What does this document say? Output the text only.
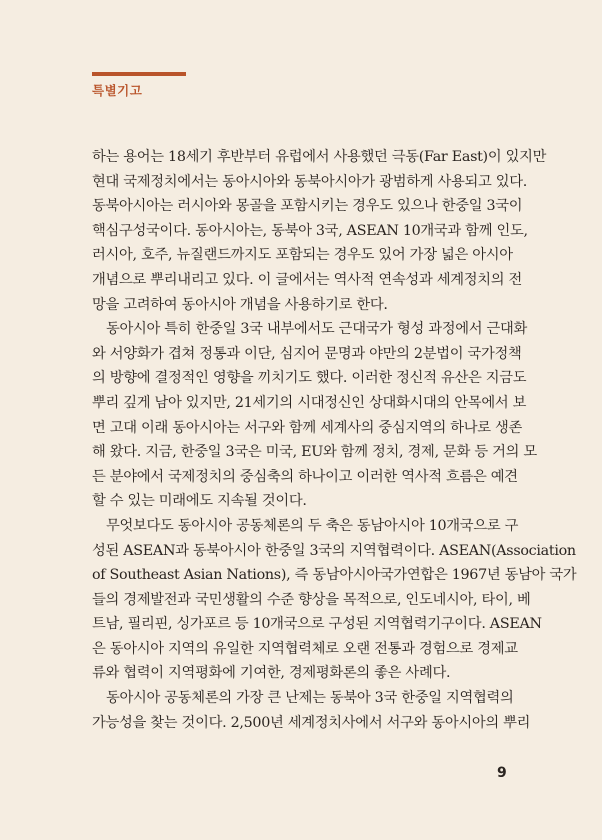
특별기고
하는 용어는 18세기 후반부터 유럽에서 사용했던 극동(Far East)이 있지만
현대 국제정치에서는 동아시아와 동북아시아가 광범하게 사용되고 있다.
동북아시아는 러시아와 몽골을 포함시키는 경우도 있으나 한중일 3국이
핵심구성국이다. 동아시아는, 동북아 3국, ASEAN 10개국과 함께 인도,
러시아, 호주, 뉴질랜드까지도 포함되는 경우도 있어 가장 넓은 아시아
개념으로 뿌리내리고 있다. 이 글에서는 역사적 연속성과 세계정치의 전
망을 고려하여 동아시아 개념을 사용하기로 한다.
동아시아 특히 한중일 3국 내부에서도 근대국가 형성 과정에서 근대화
와 서양화가 겹쳐 정통과 이단, 심지어 문명과 야만의 2분법이 국가정책
의 방향에 결정적인 영향을 끼치기도 했다. 이러한 정신적 유산은 지금도
뿌리 깊게 남아 있지만, 21세기의 시대정신인 상대화시대의 안목에서 보
면 고대 이래 동아시아는 서구와 함께 세계사의 중심지역의 하나로 생존
해 왔다. 지금, 한중일 3국은 미국, EU와 함께 정치, 경제, 문화 등 거의 모
든 분야에서 국제정치의 중심축의 하나이고 이러한 역사적 흐름은 예견
할 수 있는 미래에도 지속될 것이다.
무엇보다도 동아시아 공동체론의 두 축은 동남아시아 10개국으로 구
성된 ASEAN과 동북아시아 한중일 3국의 지역협력이다. ASEAN(Association
of Southeast Asian Nations), 즉 동남아시아국가연합은 1967년 동남아 국가
들의 경제발전과 국민생활의 수준 향상을 목적으로, 인도네시아, 타이, 베
트남, 필리핀, 싱가포르 등 10개국으로 구성된 지역협력기구이다. ASEAN
은 동아시아 지역의 유일한 지역협력체로 오랜 전통과 경험으로 경제교
류와 협력이 지역평화에 기여한, 경제평화론의 좋은 사례다.
동아시아 공동체론의 가장 큰 난제는 동북아 3국 한중일 지역협력의
가능성을 찾는 것이다. 2,500년 세계정치사에서 서구와 동아시아의 뿌리
9
